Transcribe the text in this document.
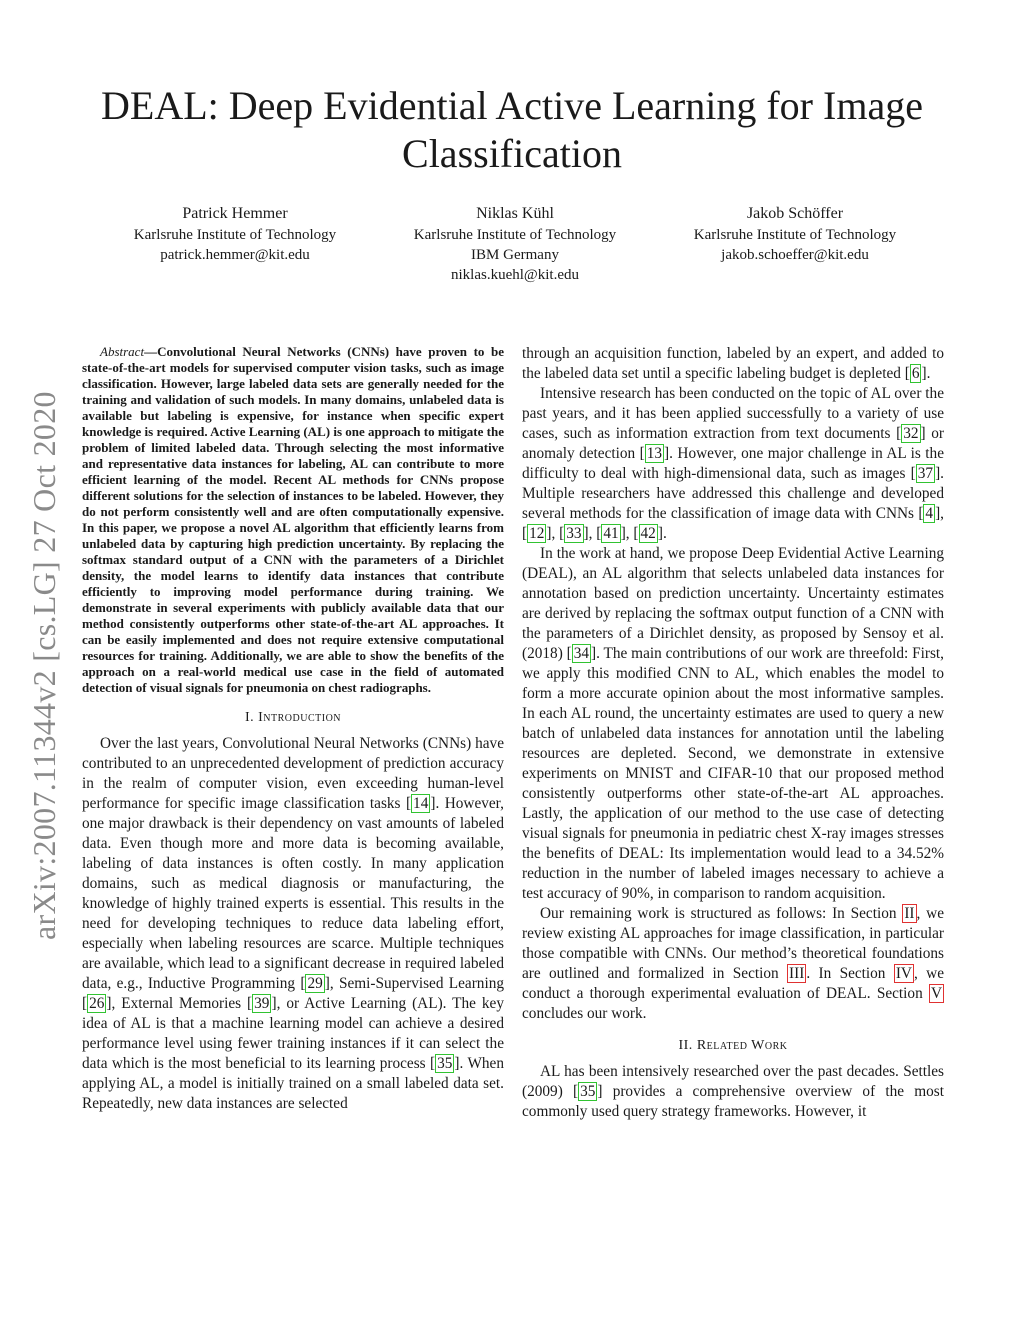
arXiv:2007.11344v2 [cs.LG] 27 Oct 2020
DEAL: Deep Evidential Active Learning for Image
Classification
Patrick Hemmer
Karlsruhe Institute of Technology
patrick.hemmer@kit.edu
Niklas Kühl
Karlsruhe Institute of Technology
IBM Germany
niklas.kuehl@kit.edu
Jakob Schöffer
Karlsruhe Institute of Technology
jakob.schoeffer@kit.edu

Abstract—Convolutional Neural Networks (CNNs) have proven to be state-of-the-art models for supervised computer vision tasks, such as image classification. However, large labeled data sets are generally needed for the training and validation of such models. In many domains, unlabeled data is available but labeling is expensive, for instance when specific expert knowledge is required. Active Learning (AL) is one approach to mitigate the problem of limited labeled data. Through selecting the most informative and representative data instances for labeling, AL can contribute to more efficient learning of the model. Recent AL methods for CNNs propose different solutions for the selection of instances to be labeled. However, they do not perform consistently well and are often computationally expensive. In this paper, we propose a novel AL algorithm that efficiently learns from unlabeled data by capturing high prediction uncertainty. By replacing the softmax standard output of a CNN with the parameters of a Dirichlet density, the model learns to identify data instances that contribute efficiently to improving model performance during training. We demonstrate in several experiments with publicly available data that our method consistently outperforms other state-of-the-art AL approaches. It can be easily implemented and does not require extensive computational resources for training. Additionally, we are able to show the benefits of the approach on a real-world medical use case in the field of automated detection of visual signals for pneumonia on chest radiographs.

I. Introduction

Over the last years, Convolutional Neural Networks (CNNs) have contributed to an unprecedented development of prediction accuracy in the realm of computer vision, even exceeding human-level performance for specific image classification tasks [ 14 ]. However, one major drawback is their dependency on vast amounts of labeled data. Even though more and more data is becoming available, labeling of data instances is often costly. In many application domains, such as medical diagnosis or manufacturing, the knowledge of highly trained experts is essential. This results in the need for developing techniques to reduce data labeling effort, especially when labeling resources are scarce. Multiple techniques are available, which lead to a significant decrease in required labeled data, e.g., Inductive Programming [ 29 ], Semi-Supervised Learning [ 26 ], External Memories [ 39 ], or Active Learning (AL). The key idea of AL is that a machine learning model can achieve a desired performance level using fewer training instances if it can select the data which is the most beneficial to its learning process [ 35 ]. When applying AL, a model is initially trained on a small labeled data set. Repeatedly, new data instances are selected

through an acquisition function, labeled by an expert, and added to the labeled data set until a specific labeling budget is depleted [ 6 ].

Intensive research has been conducted on the topic of AL over the past years, and it has been applied successfully to a variety of use cases, such as information extraction from text documents [ 32 ] or anomaly detection [ 13 ]. However, one major challenge in AL is the difficulty to deal with high-dimensional data, such as images [ 37 ]. Multiple researchers have addressed this challenge and developed several methods for the classification of image data with CNNs [ 4 ], [ 12 ], [ 33 ], [ 41 ], [ 42 ].

In the work at hand, we propose Deep Evidential Active Learning (DEAL), an AL algorithm that selects unlabeled data instances for annotation based on prediction uncertainty. Uncertainty estimates are derived by replacing the softmax output function of a CNN with the parameters of a Dirichlet density, as proposed by Sensoy et al. (2018) [ 34 ]. The main contributions of our work are threefold: First, we apply this modified CNN to AL, which enables the model to form a more accurate opinion about the most informative samples. In each AL round, the uncertainty estimates are used to query a new batch of unlabeled data instances for annotation until the labeling resources are depleted. Second, we demonstrate in extensive experiments on MNIST and CIFAR-10 that our proposed method consistently outperforms other state-of-the-art AL approaches. Lastly, the application of our method to the use case of detecting visual signals for pneumonia in pediatric chest X-ray images stresses the benefits of DEAL: Its implementation would lead to a 34.52% reduction in the number of labeled images necessary to achieve a test accuracy of 90%, in comparison to random acquisition.

Our remaining work is structured as follows: In Section II , we review existing AL approaches for image classification, in particular those compatible with CNNs. Our method’s theoretical foundations are outlined and formalized in Section III . In Section IV , we conduct a thorough experimental evaluation of DEAL. Section V concludes our work.

II. Related Work

AL has been intensively researched over the past decades. Settles (2009) [ 35 ] provides a comprehensive overview of the most commonly used query strategy frameworks. However, it
